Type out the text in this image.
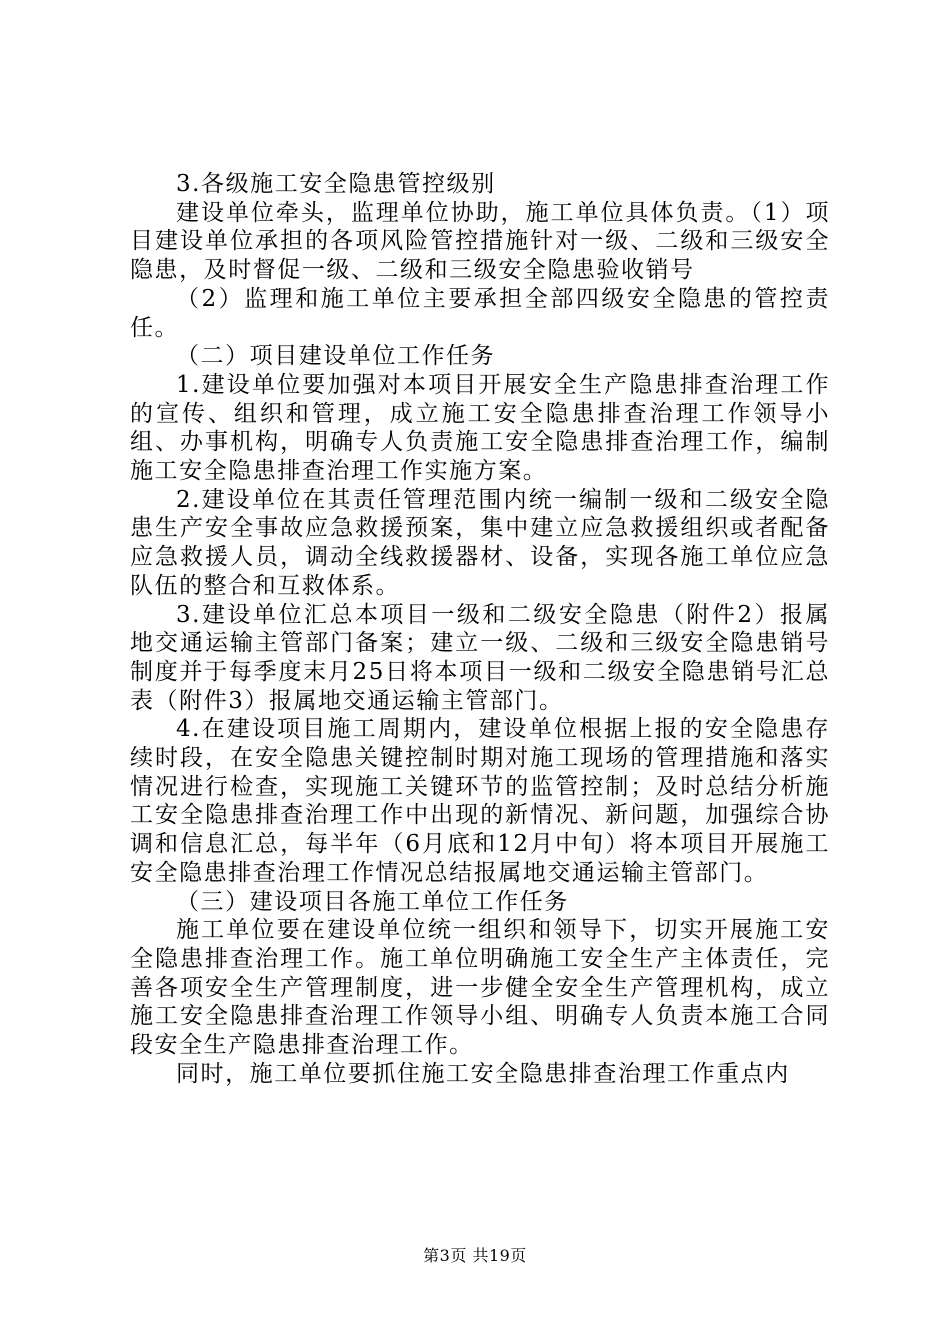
3.各级施工安全隐患管控级别

建设单位牵头，监理单位协助，施工单位具体负责。（1）项目建设单位承担的各项风险管控措施针对一级、二级和三级安全隐患，及时督促一级、二级和三级安全隐患验收销号

（2）监理和施工单位主要承担全部四级安全隐患的管控责任。

（二）项目建设单位工作任务

1.建设单位要加强对本项目开展安全生产隐患排查治理工作的宣传、组织和管理，成立施工安全隐患排查治理工作领导小组、办事机构，明确专人负责施工安全隐患排查治理工作，编制施工安全隐患排查治理工作实施方案。

2.建设单位在其责任管理范围内统一编制一级和二级安全隐患生产安全事故应急救援预案，集中建立应急救援组织或者配备应急救援人员，调动全线救援器材、设备，实现各施工单位应急队伍的整合和互救体系。

3.建设单位汇总本项目一级和二级安全隐患（附件2）报属地交通运输主管部门备案；建立一级、二级和三级安全隐患销号制度并于每季度末月25日将本项目一级和二级安全隐患销号汇总表（附件3）报属地交通运输主管部门。

4.在建设项目施工周期内，建设单位根据上报的安全隐患存续时段，在安全隐患关键控制时期对施工现场的管理措施和落实情况进行检查，实现施工关键环节的监管控制；及时总结分析施工安全隐患排查治理工作中出现的新情况、新问题，加强综合协调和信息汇总，每半年（6月底和12月中旬）将本项目开展施工安全隐患排查治理工作情况总结报属地交通运输主管部门。

（三）建设项目各施工单位工作任务

施工单位要在建设单位统一组织和领导下，切实开展施工安全隐患排查治理工作。施工单位明确施工安全生产主体责任，完善各项安全生产管理制度，进一步健全安全生产管理机构，成立施工安全隐患排查治理工作领导小组、明确专人负责本施工合同段安全生产隐患排查治理工作。

同时，施工单位要抓住施工安全隐患排查治理工作重点内

第3页 共19页
